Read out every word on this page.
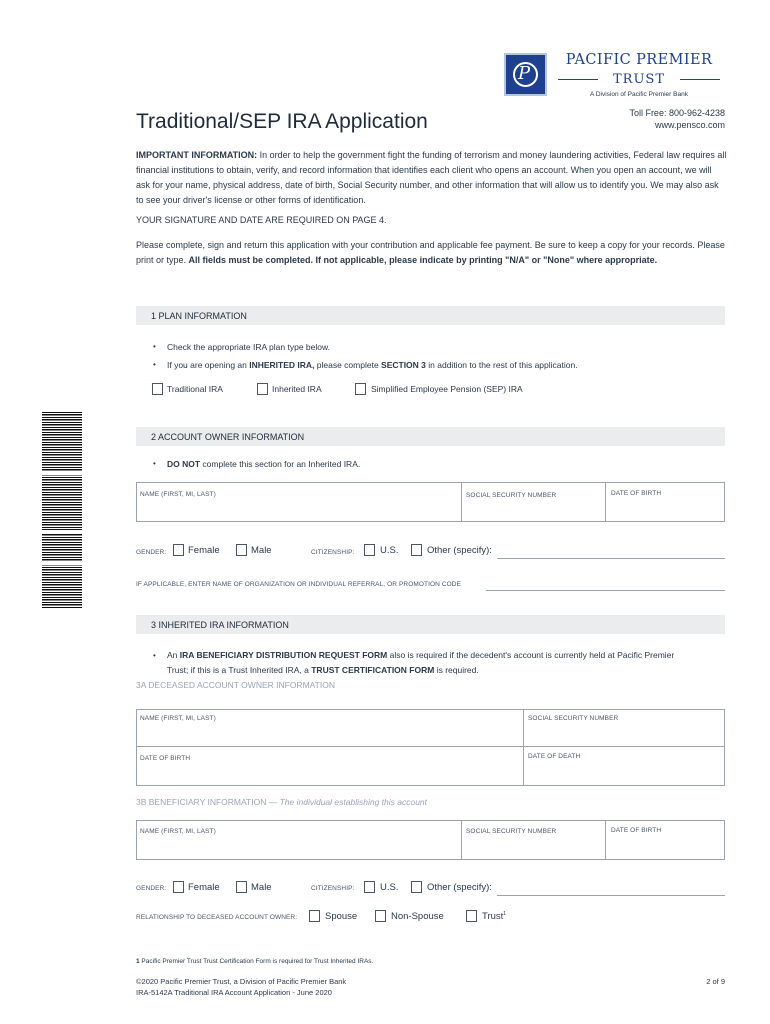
P
PACIFIC PREMIER
TRUST
A Division of Pacific Premier Bank
Traditional/SEP IRA Application	Toll Free: 800-962-4238
www.pensco.com
IMPORTANT INFORMATION: In order to help the government fight the funding of terrorism and money laundering activities, Federal law requires all financial institutions to obtain, verify, and record information that identifies each client who opens an account. When you open an account, we will ask for your name, physical address, date of birth, Social Security number, and other information that will allow us to identify you. We may also ask to see your driver's license or other forms of identification.
YOUR SIGNATURE AND DATE ARE REQUIRED ON PAGE 4.
Please complete, sign and return this application with your contribution and applicable fee payment. Be sure to keep a copy for your records. Please print or type. All fields must be completed. If not applicable, please indicate by printing "N/A" or "None" where appropriate.
1 PLAN INFORMATION
• Check the appropriate IRA plan type below.
• If you are opening an INHERITED IRA, please complete SECTION 3 in addition to the rest of this application.
Traditional IRA	Inherited IRA	Simplified Employee Pension (SEP) IRA
2 ACCOUNT OWNER INFORMATION
• DO NOT complete this section for an Inherited IRA.
NAME (FIRST, MI, LAST)	SOCIAL SECURITY NUMBER	DATE OF BIRTH
GENDER: Female	Male	CITIZENSHIP:	U.S.	Other (specify):
IF APPLICABLE, ENTER NAME OF ORGANIZATION OR INDIVIDUAL REFERRAL, OR PROMOTION CODE
3 INHERITED IRA INFORMATION
• An IRA BENEFICIARY DISTRIBUTION REQUEST FORM also is required if the decedent's account is currently held at Pacific Premier
Trust; if this is a Trust Inherited IRA, a TRUST CERTIFICATION FORM is required.
3A DECEASED ACCOUNT OWNER INFORMATION
NAME (FIRST, MI, LAST)	SOCIAL SECURITY NUMBER
DATE OF BIRTH	DATE OF DEATH
3B BENEFICIARY INFORMATION — The individual establishing this account
NAME (FIRST, MI, LAST)	SOCIAL SECURITY NUMBER	DATE OF BIRTH
GENDER: Female	Male	CITIZENSHIP:	U.S.	Other (specify):
RELATIONSHIP TO DECEASED ACCOUNT OWNER:	Spouse	Non-Spouse	Trust$^1$
1 Pacific Premier Trust Trust Certification Form is required for Trust Inherited IRAs.
©2020 Pacific Premier Trust, a Division of Pacific Premier Bank
IRA-5142A Traditional IRA Account Application - June 2020
2 of 9
